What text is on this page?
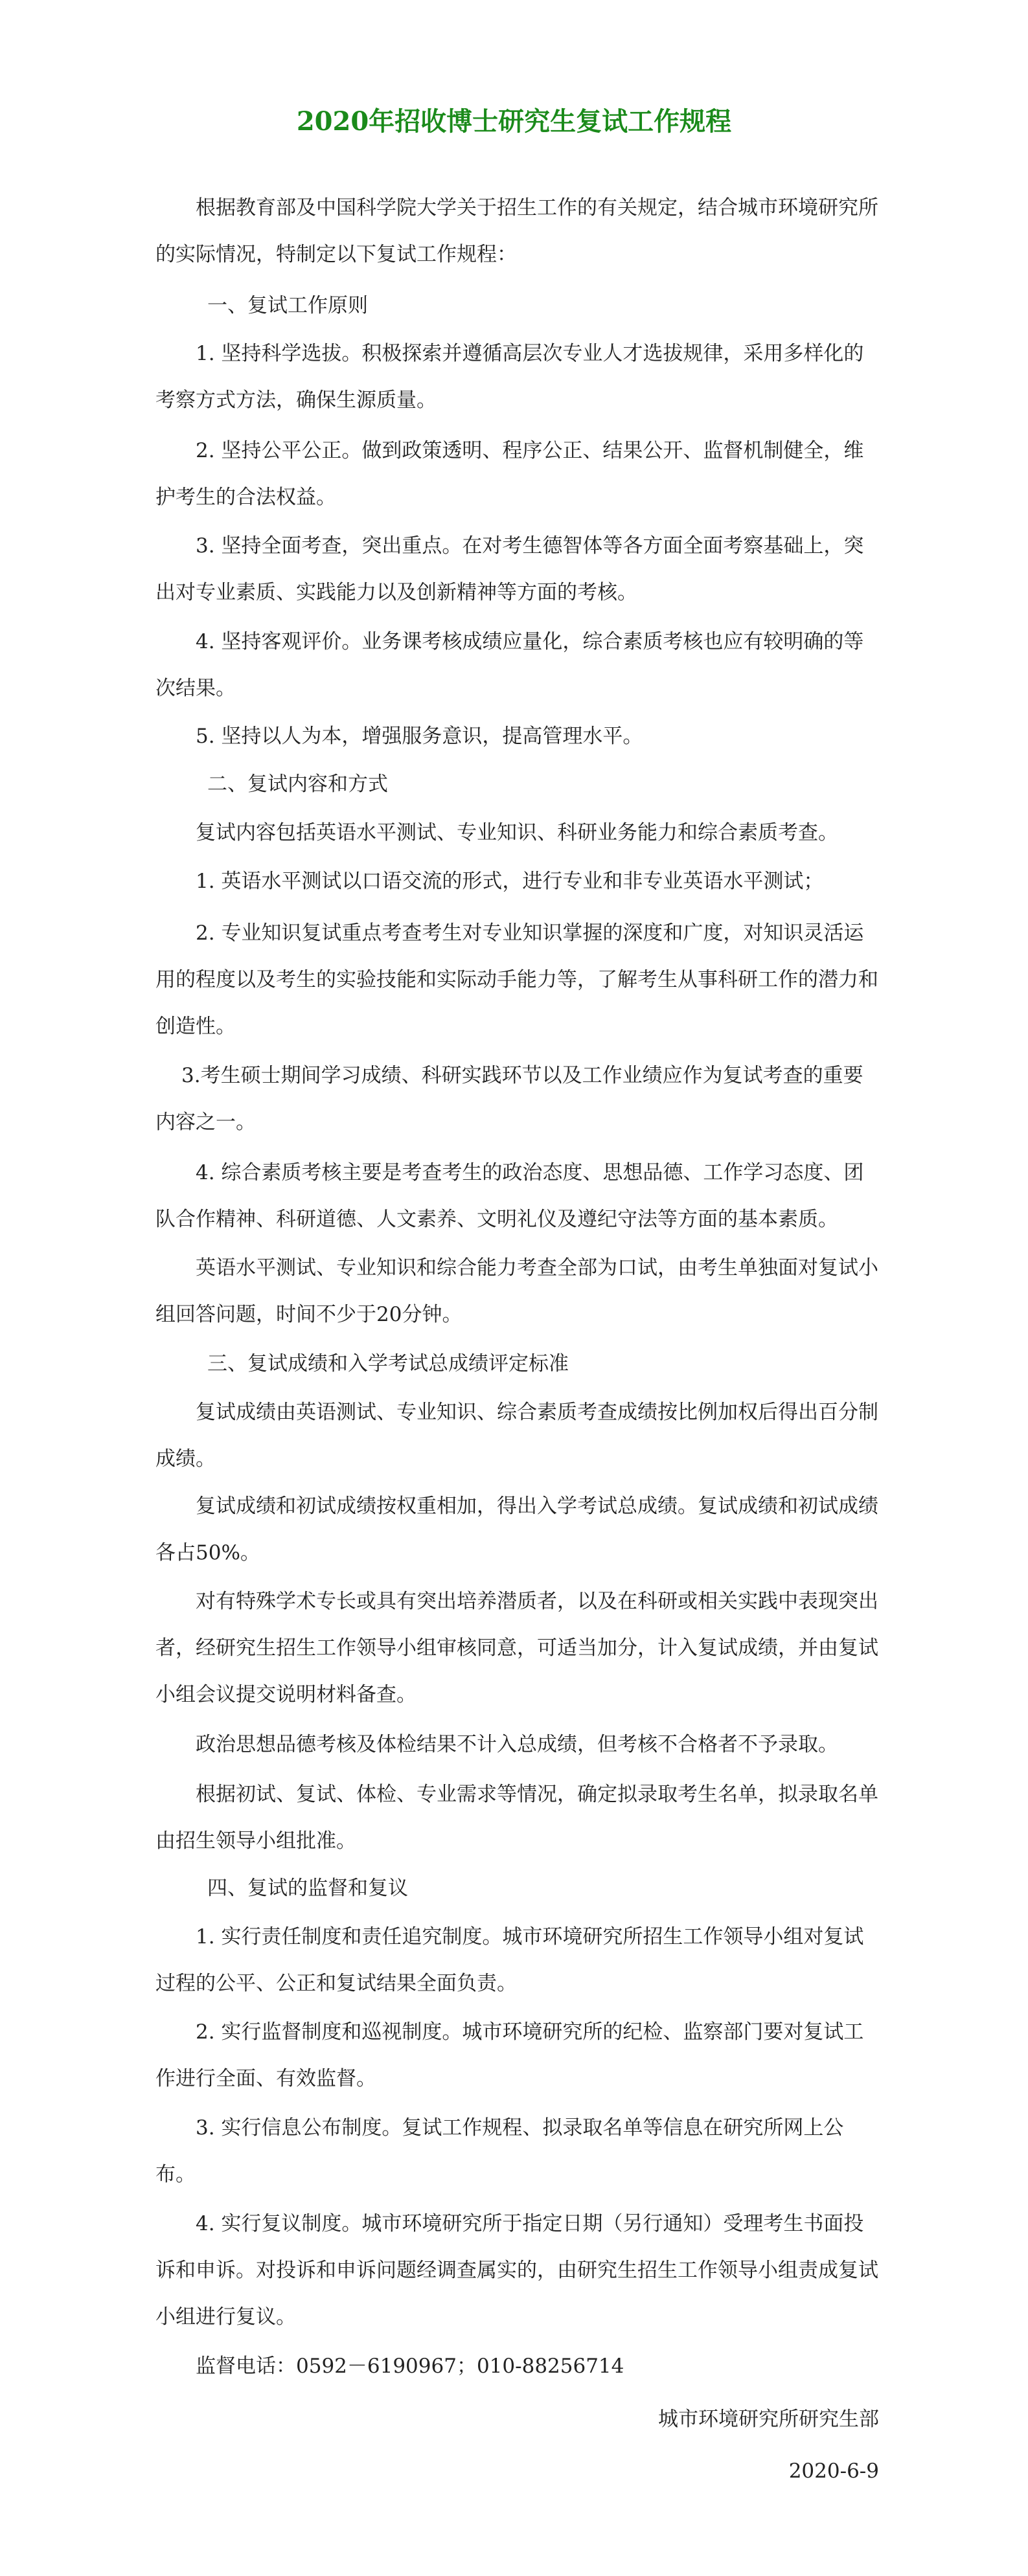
2020年招收博士研究生复试工作规程
根据教育部及中国科学院大学关于招生工作的有关规定，结合城市环境研究所的实际情况，特制定以下复试工作规程：
一、复试工作原则
1. 坚持科学选拔。积极探索并遵循高层次专业人才选拔规律，采用多样化的考察方式方法，确保生源质量。
2. 坚持公平公正。做到政策透明、程序公正、结果公开、监督机制健全，维护考生的合法权益。
3. 坚持全面考查，突出重点。在对考生德智体等各方面全面考察基础上，突出对专业素质、实践能力以及创新精神等方面的考核。
4. 坚持客观评价。业务课考核成绩应量化，综合素质考核也应有较明确的等次结果。
5. 坚持以人为本，增强服务意识，提高管理水平。
二、复试内容和方式
复试内容包括英语水平测试、专业知识、科研业务能力和综合素质考查。
1. 英语水平测试以口语交流的形式，进行专业和非专业英语水平测试；
2. 专业知识复试重点考查考生对专业知识掌握的深度和广度，对知识灵活运用的程度以及考生的实验技能和实际动手能力等，了解考生从事科研工作的潜力和创造性。
3.考生硕士期间学习成绩、科研实践环节以及工作业绩应作为复试考查的重要内容之一。
4. 综合素质考核主要是考查考生的政治态度、思想品德、工作学习态度、团队合作精神、科研道德、人文素养、文明礼仪及遵纪守法等方面的基本素质。
英语水平测试、专业知识和综合能力考查全部为口试，由考生单独面对复试小组回答问题，时间不少于20分钟。
三、复试成绩和入学考试总成绩评定标准
复试成绩由英语测试、专业知识、综合素质考查成绩按比例加权后得出百分制成绩。
复试成绩和初试成绩按权重相加，得出入学考试总成绩。复试成绩和初试成绩各占50%。
对有特殊学术专长或具有突出培养潜质者，以及在科研或相关实践中表现突出者，经研究生招生工作领导小组审核同意，可适当加分，计入复试成绩，并由复试小组会议提交说明材料备查。
政治思想品德考核及体检结果不计入总成绩，但考核不合格者不予录取。
根据初试、复试、体检、专业需求等情况，确定拟录取考生名单，拟录取名单由招生领导小组批准。
四、复试的监督和复议
1. 实行责任制度和责任追究制度。城市环境研究所招生工作领导小组对复试过程的公平、公正和复试结果全面负责。
2. 实行监督制度和巡视制度。城市环境研究所的纪检、监察部门要对复试工作进行全面、有效监督。
3. 实行信息公布制度。复试工作规程、拟录取名单等信息在研究所网上公布。
4. 实行复议制度。城市环境研究所于指定日期（另行通知）受理考生书面投诉和申诉。对投诉和申诉问题经调查属实的，由研究生招生工作领导小组责成复试小组进行复议。
监督电话：0592－6190967；010-88256714
城市环境研究所研究生部
2020-6-9
